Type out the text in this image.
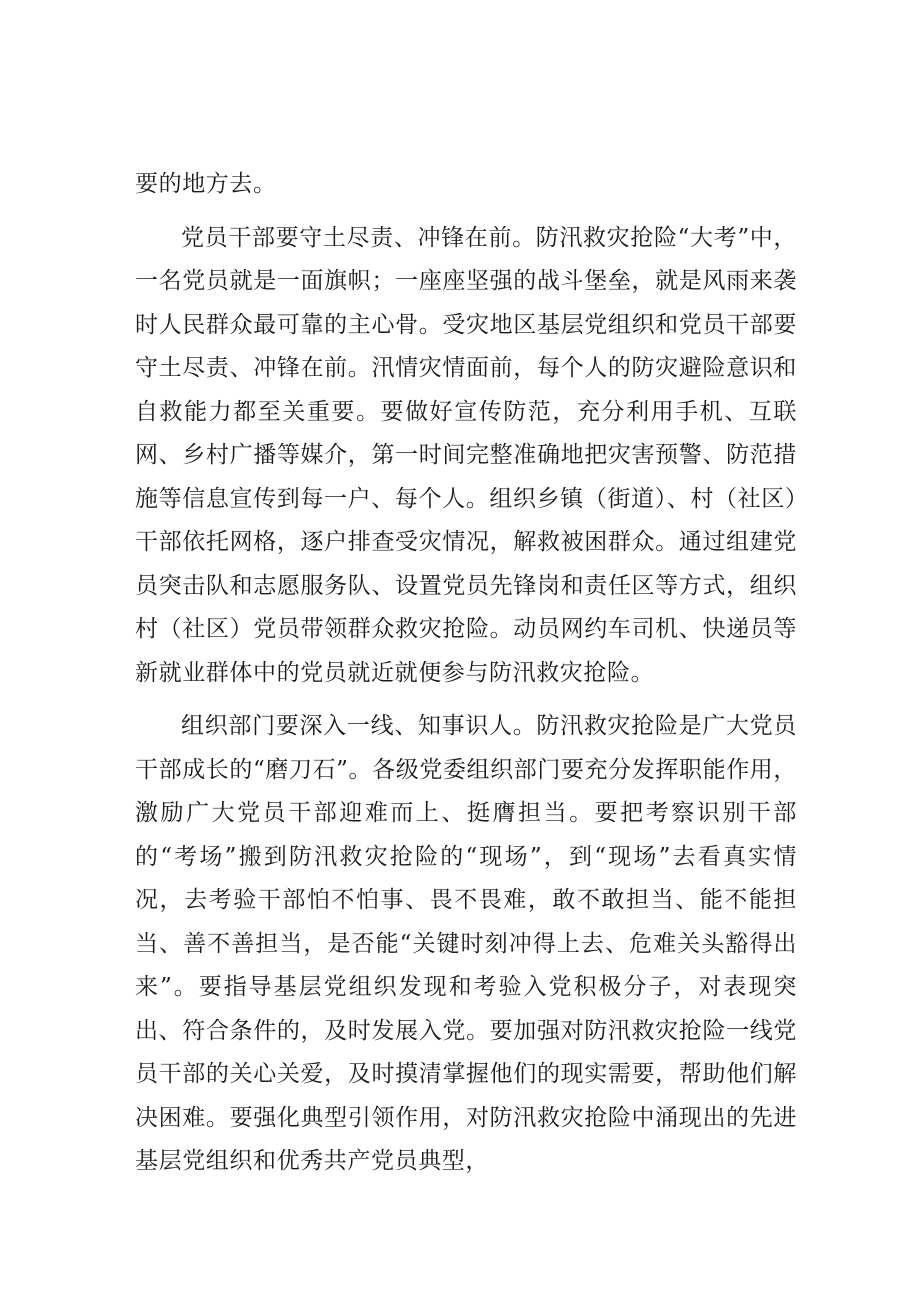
要的地方去。

党员干部要守土尽责、冲锋在前。防汛救灾抢险“大考”中，一名党员就是一面旗帜；一座座坚强的战斗堡垒，就是风雨来袭时人民群众最可靠的主心骨。受灾地区基层党组织和党员干部要守土尽责、冲锋在前。汛情灾情面前，每个人的防灾避险意识和自救能力都至关重要。要做好宣传防范，充分利用手机、互联网、乡村广播等媒介，第一时间完整准确地把灾害预警、防范措施等信息宣传到每一户、每个人。组织乡镇（街道）、村（社区）干部依托网格，逐户排查受灾情况，解救被困群众。通过组建党员突击队和志愿服务队、设置党员先锋岗和责任区等方式，组织村（社区）党员带领群众救灾抢险。动员网约车司机、快递员等新就业群体中的党员就近就便参与防汛救灾抢险。

组织部门要深入一线、知事识人。防汛救灾抢险是广大党员干部成长的“磨刀石”。各级党委组织部门要充分发挥职能作用，激励广大党员干部迎难而上、挺膺担当。要把考察识别干部的“考场”搬到防汛救灾抢险的“现场”，到“现场”去看真实情况，去考验干部怕不怕事、畏不畏难，敢不敢担当、能不能担当、善不善担当，是否能“关键时刻冲得上去、危难关头豁得出来”。要指导基层党组织发现和考验入党积极分子，对表现突出、符合条件的，及时发展入党。要加强对防汛救灾抢险一线党员干部的关心关爱，及时摸清掌握他们的现实需要，帮助他们解决困难。要强化典型引领作用，对防汛救灾抢险中涌现出的先进基层党组织和优秀共产党员典型，
